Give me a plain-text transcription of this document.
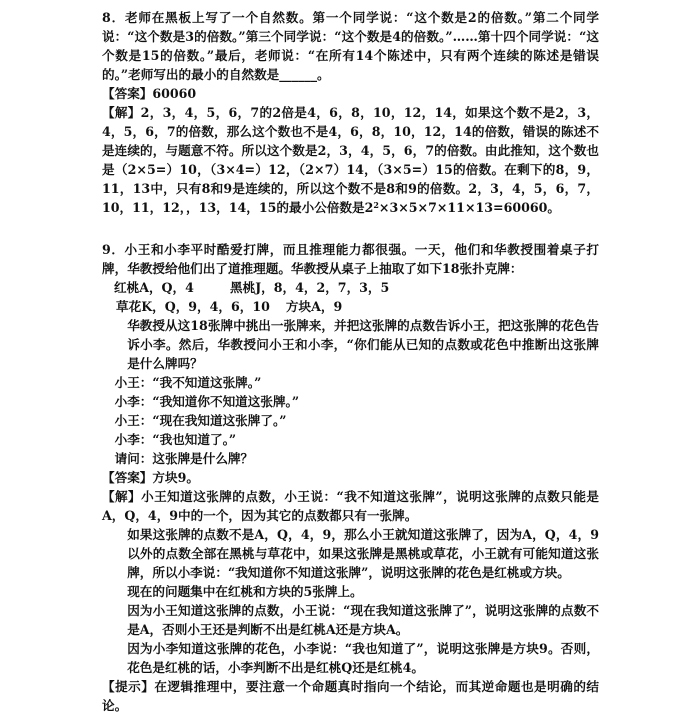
8．老师在黑板上写了一个自然数。第一个同学说：“这个数是2的倍数。”第二个同学说：“这个数是3的倍数。”第三个同学说：“这个数是4的倍数。”……第十四个同学说：“这个数是15的倍数。”最后，老师说：“在所有14个陈述中，只有两个连续的陈述是错误的。”老师写出的最小的自然数是______。

【答案】60060

【解】2，3，4，5，6，7的2倍是4，6，8，10，12，14，如果这个数不是2，3，4，5，6，7的倍数，那么这个数也不是4，6，8，10，12，14的倍数，错误的陈述不是连续的，与题意不符。所以这个数是2，3，4，5，6，7的倍数。由此推知，这个数也是（2×5=）10，（3×4=）12，（2×7）14，（3×5=）15的倍数。在剩下的8，9，11，13中，只有8和9是连续的，所以这个数不是8和9的倍数。2，3，4，5，6，7，10，11，12，，13，14，15的最小公倍数是$2^2\times 3\times 5\times 7\times 11\times 13=60060$。

9．小王和小李平时酷爱打牌，而且推理能力都很强。一天，他们和华教授围着桌子打牌，华教授给他们出了道推理题。华教授从桌子上抽取了如下18张扑克牌：

红桃A，Q，4	黑桃J，8，4，2，7，3，5
草花K，Q，9，4，6，10 方块A，9

华教授从这18张牌中挑出一张牌来，并把这张牌的点数告诉小王，把这张牌的花色告诉小李。然后，华教授问小王和小李，“你们能从已知的点数或花色中推断出这张牌是什么牌吗？

小王：“我不知道这张牌。”

小李：“我知道你不知道这张牌。”

小王：“现在我知道这张牌了。”

小李：“我也知道了。”

请问：这张牌是什么牌？

【答案】方块9。

【解】小王知道这张牌的点数，小王说：“我不知道这张牌”，说明这张牌的点数只能是A，Q，4，9中的一个，因为其它的点数都只有一张牌。

如果这张牌的点数不是A，Q，4，9，那么小王就知道这张牌了，因为A，Q，4，9以外的点数全部在黑桃与草花中，如果这张牌是黑桃或草花，小王就有可能知道这张牌，所以小李说：“我知道你不知道这张牌”，说明这张牌的花色是红桃或方块。

现在的问题集中在红桃和方块的5张牌上。

因为小王知道这张牌的点数，小王说：“现在我知道这张牌了”，说明这张牌的点数不是A，否则小王还是判断不出是红桃A还是方块A。

因为小李知道这张牌的花色，小李说：“我也知道了”，说明这张牌是方块9。否则，花色是红桃的话，小李判断不出是红桃Q还是红桃4。

【提示】在逻辑推理中，要注意一个命题真时指向一个结论，而其逆命题也是明确的结论。
